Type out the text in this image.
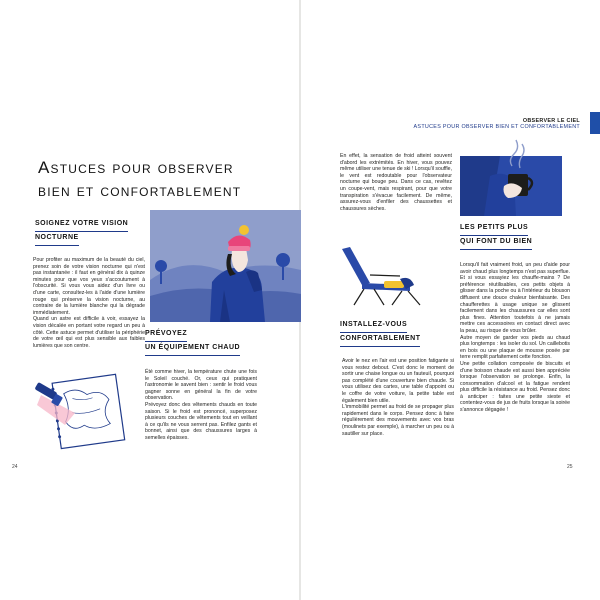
Astuces pour observer
bien et confortablement
SOIGNEZ VOTRE VISION
NOCTURNE
Pour profiter au maximum de la beauté du ciel, prenez soin de votre vision nocturne qui n'est pas instantanée : il faut en général dix à quinze minutes pour que vos yeux s'accoutument à l'obscurité. Si vous vous aidez d'un livre ou d'une carte, consultez-les à l'aide d'une lumière rouge qui préserve la vision nocturne, au contraire de la lumière blanche qui la dégrade immédiatement.
Quand un astre est difficile à voir, essayez la vision décalée en portant votre regard un peu à côté. Cette astuce permet d'utiliser la périphérie de votre œil qui est plus sensible aux faibles lumières que son centre.
PRÉVOYEZ
UN ÉQUIPEMENT CHAUD
Été comme hiver, la température chute une fois le Soleil couché. Or, ceux qui pratiquent l'astronomie le savent bien : sentir le froid vous gagner sonne en général la fin de votre observation.
Prévoyez donc des vêtements chauds en toute saison. Si le froid est prononcé, superposez plusieurs couches de vêtements tout en veillant à ce qu'ils ne vous serrent pas. Enfilez gants et bonnet, ainsi que des chaussures larges à semelles épaisses.
24
OBSERVER LE CIEL
ASTUCES POUR OBSERVER BIEN ET CONFORTABLEMENT
En effet, la sensation de froid atteint souvent d'abord les extrémités. En hiver, vous pouvez même utiliser une tenue de ski ! Lorsqu'il souffle, le vent est redoutable pour l'observateur nocturne qui bouge peu. Dans ce cas, revêtez un coupe-vent, mais respirant, pour que votre transpiration s'évacue facilement. De même, assurez-vous d'enfiler des chaussettes et chaussures sèches.
INSTALLEZ-VOUS
CONFORTABLEMENT
Avoir le nez en l'air est une position fatigante si vous restez debout. C'est donc le moment de sortir une chaise longue ou un fauteuil, pourquoi pas complété d'une couverture bien chaude. Si vous utilisez des cartes, une table d'appoint ou le coffre de votre voiture, la petite table est également bien utile.
L'immobilité permet au froid de se propager plus rapidement dans le corps. Pensez donc à faire régulièrement des mouvements avec vos bras (moulinets par exemple), à marcher un peu ou à sautiller sur place.
LES PETITS PLUS
QUI FONT DU BIEN
Lorsqu'il fait vraiment froid, un peu d'aide pour avoir chaud plus longtemps n'est pas superflue. Et si vous essayiez les chauffe-mains ? De préférence réutilisables, ces petits objets à glisser dans la poche ou à l'intérieur du blouson diffusent une douce chaleur bienfaisante. Des chaufferettes à usage unique se glissent facilement dans les chaussures car elles sont plus fines. Attention toutefois à ne jamais mettre ces accessoires en contact direct avec la peau, au risque de vous brûler.
Autre moyen de garder vos pieds au chaud plus longtemps : les isoler du sol. Un caillebotis en bois ou une plaque de mousse posée par terre remplit parfaitement cette fonction.
Une petite collation composée de biscuits et d'une boisson chaude est aussi bien appréciée lorsque l'observation se prolonge. Enfin, la consommation d'alcool et la fatigue rendent plus difficile la résistance au froid. Pensez donc à anticiper : faites une petite sieste et contentez-vous de jus de fruits lorsque la soirée s'annonce dégagée !
25
